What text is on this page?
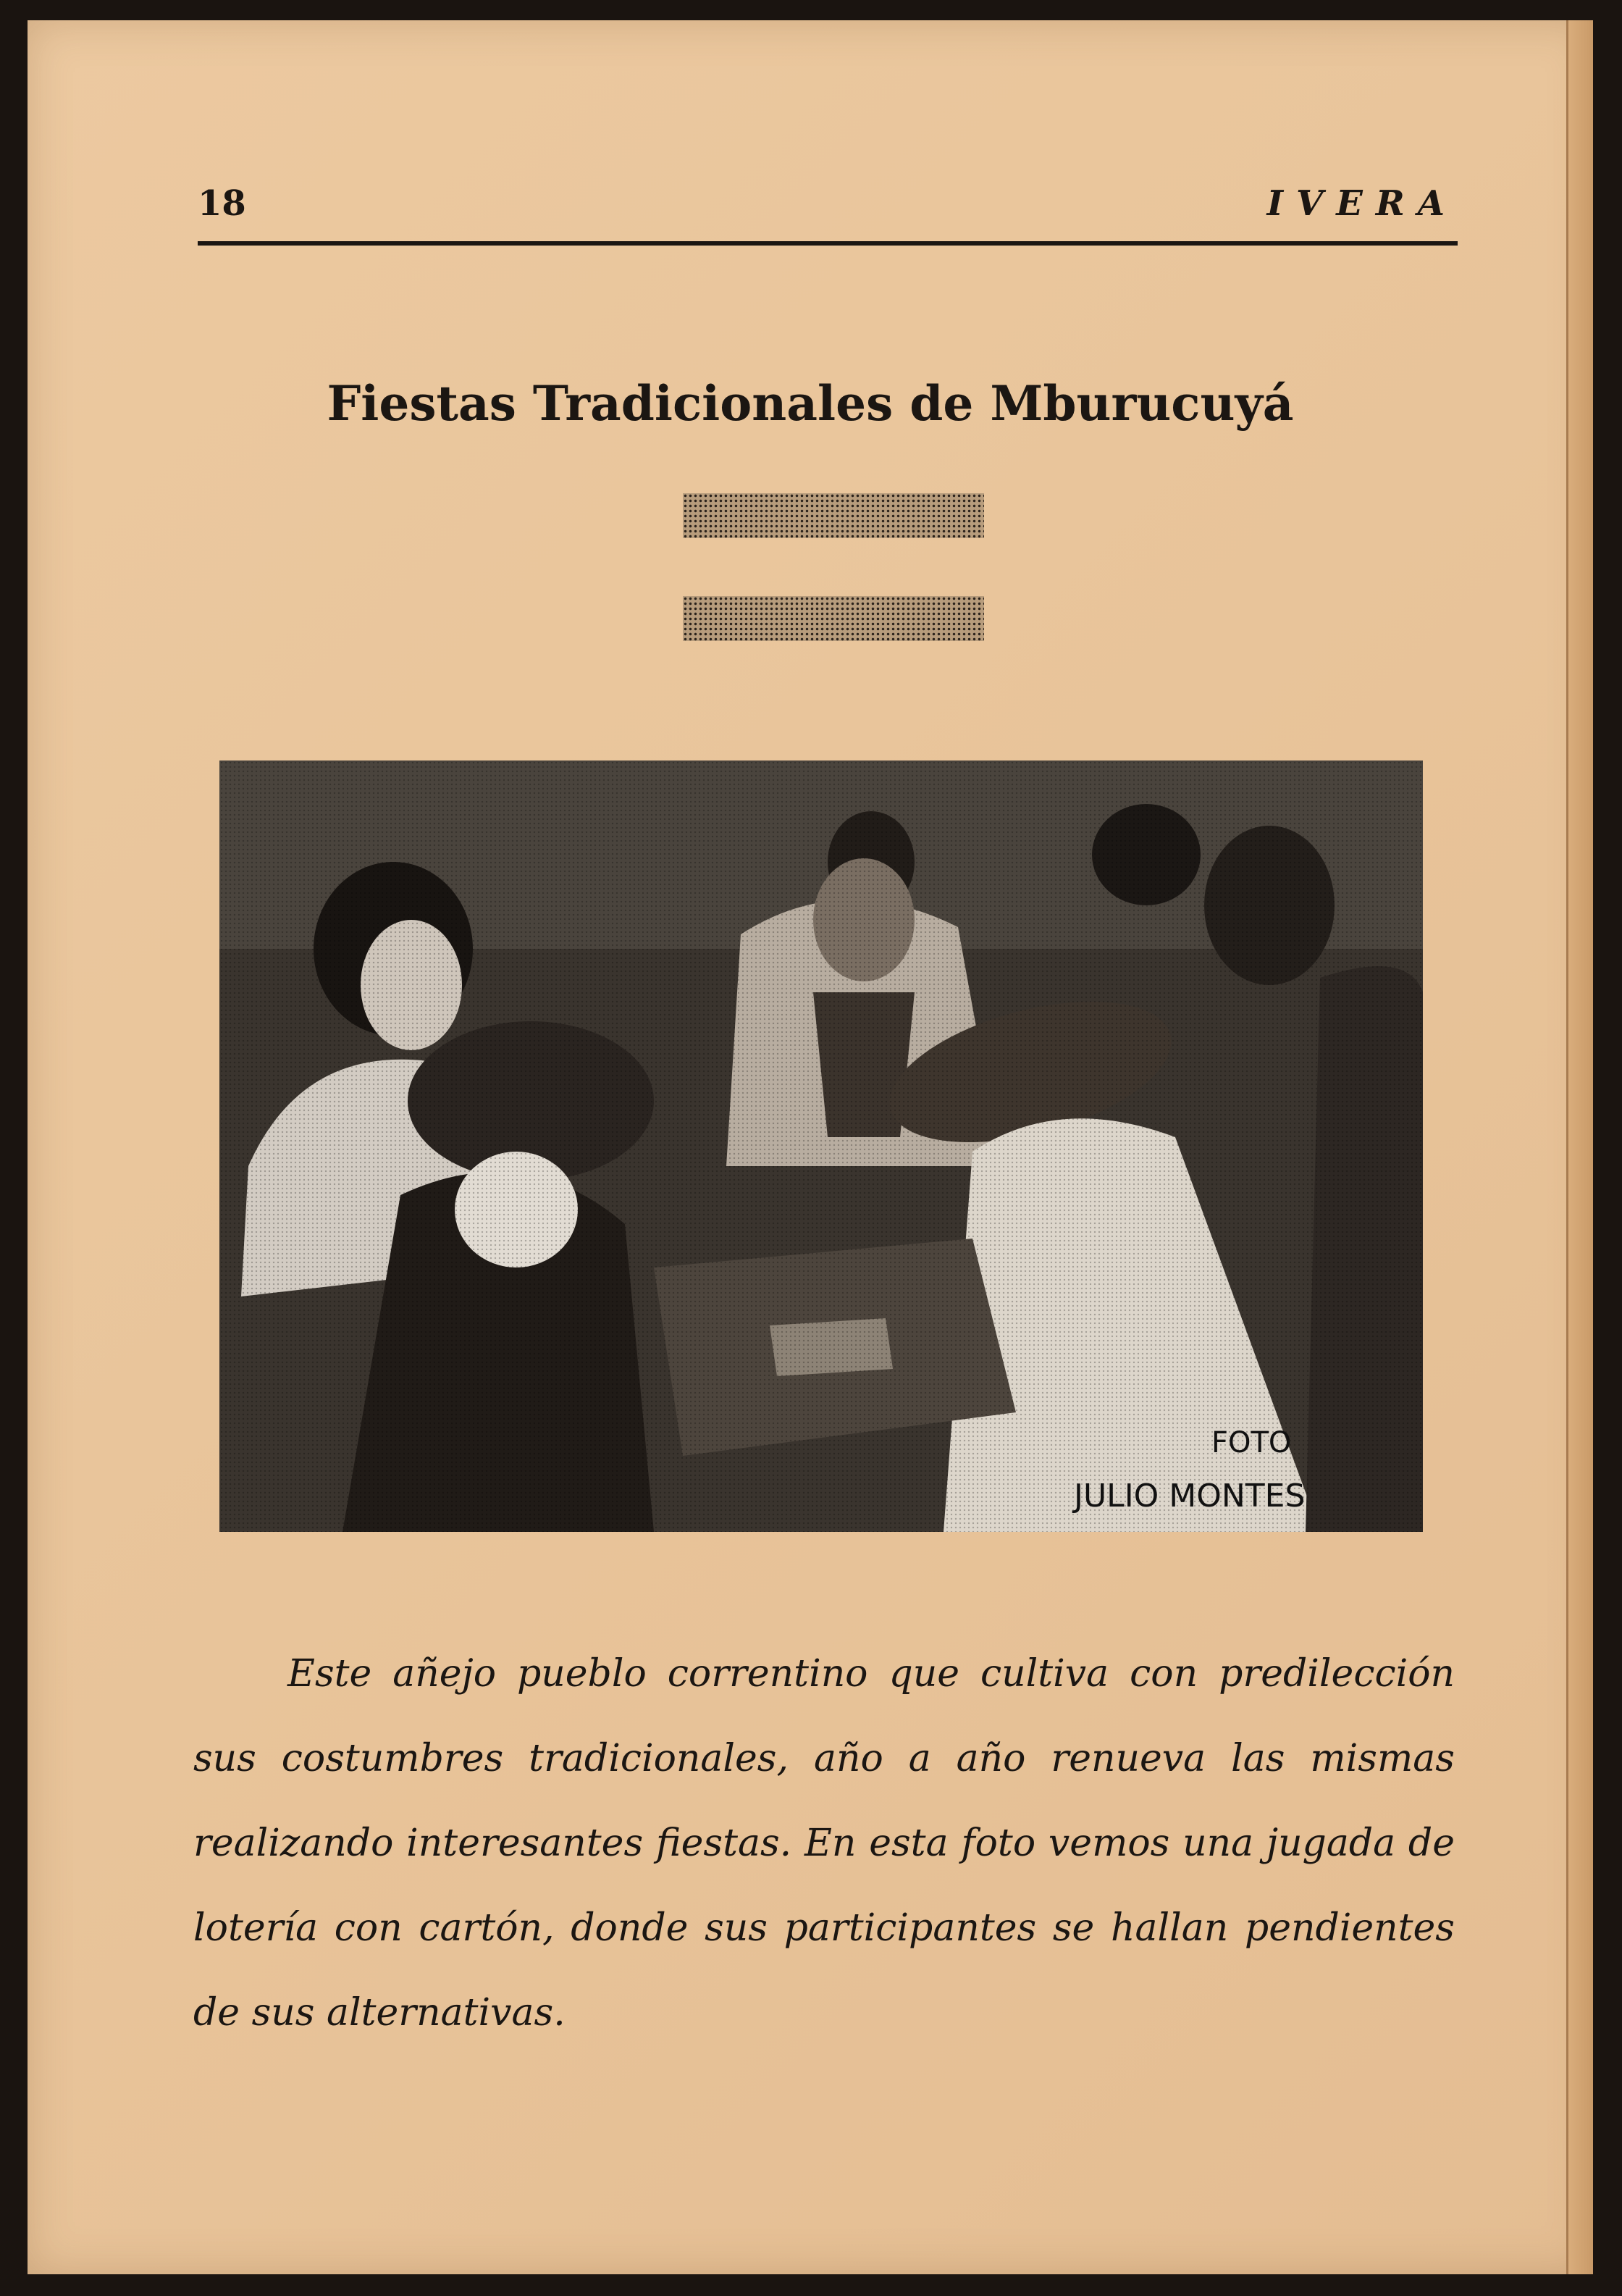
18	IVERA
Fiestas Tradicionales de Mburucuyá
FOTO
JULIO MONTES

Este añejo pueblo correntino que cultiva con predilección sus costumbres tradicionales, año a año renueva las mismas realizando interesantes fiestas. En esta foto vemos una jugada de lotería con cartón, donde sus participantes se hallan pendientes de sus alternativas.
